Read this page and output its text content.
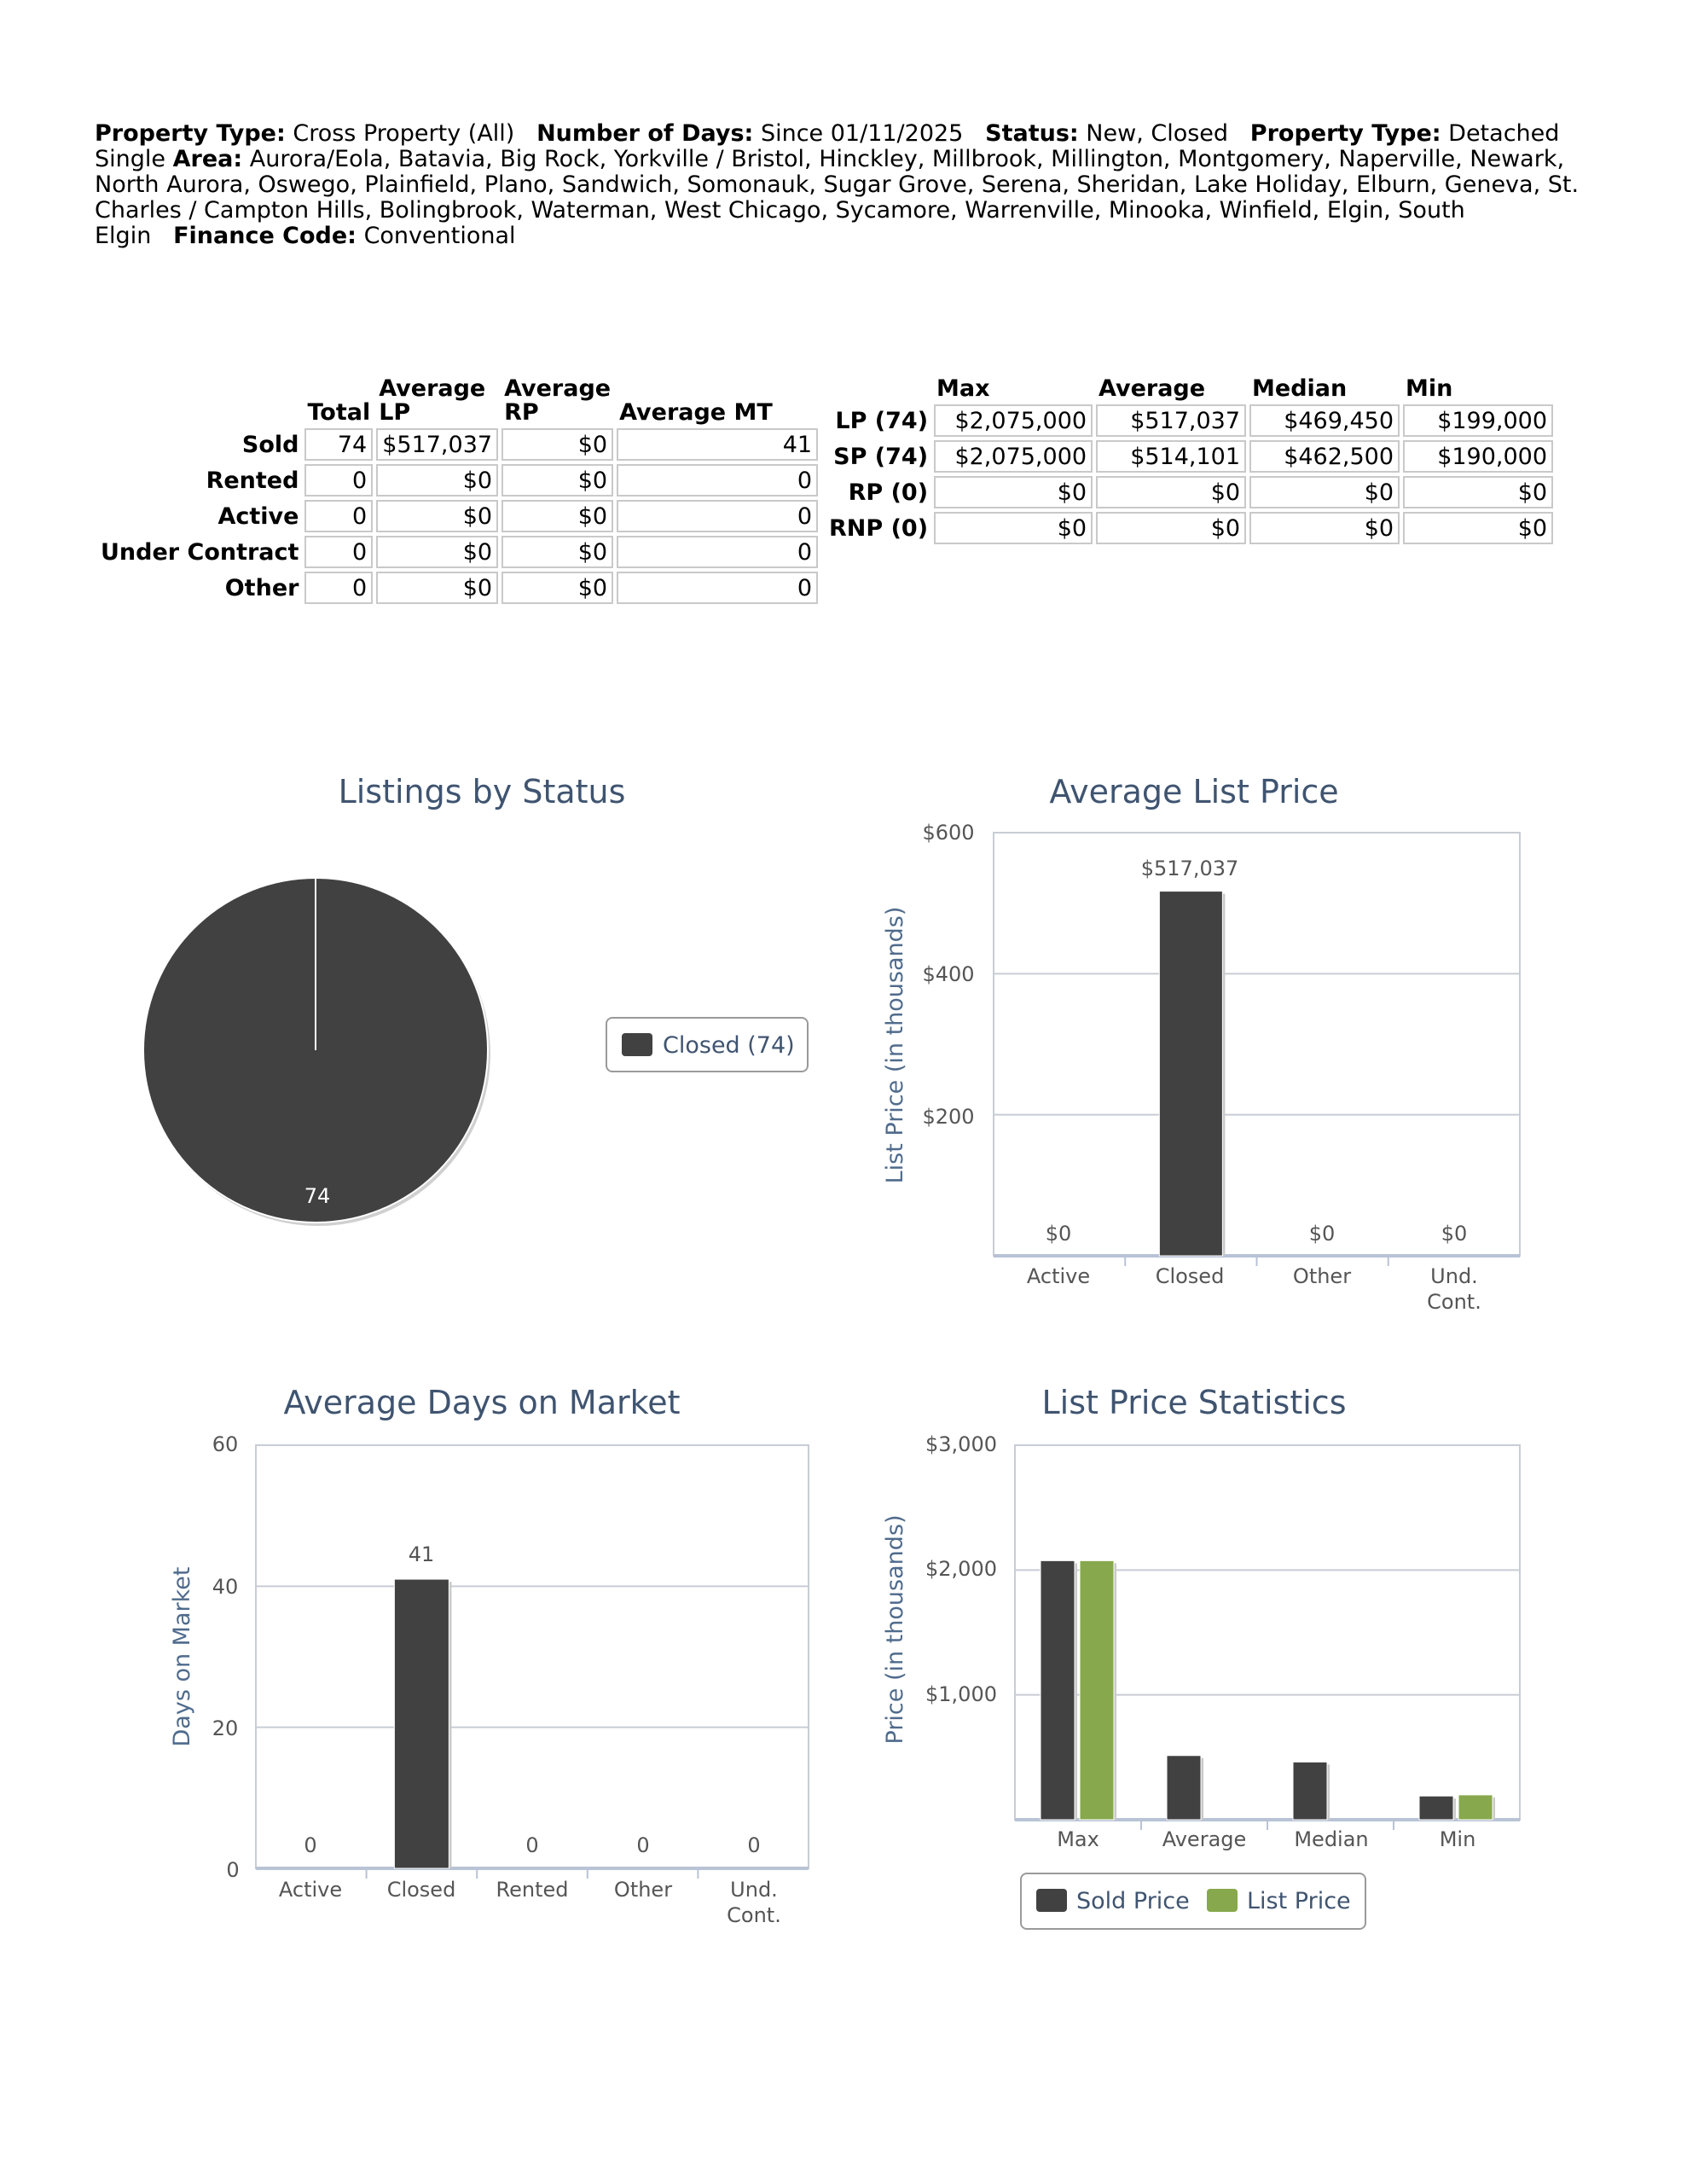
Property Type: Cross Property (All) Number of Days: Since 01/11/2025 Status: New, Closed Property Type: Detached Single Area: Aurora/Eola, Batavia, Big Rock, Yorkville / Bristol, Hinckley, Millbrook, Millington, Montgomery, Naperville, Newark, North Aurora, Oswego, Plainfield, Plano, Sandwich, Somonauk, Sugar Grove, Serena, Sheridan, Lake Holiday, Elburn, Geneva, St. Charles / Campton Hills, Bolingbrook, Waterman, West Chicago, Sycamore, Warrenville, Minooka, Winfield, Elgin, South Elgin Finance Code: Conventional
	Total	Average LP	Average RP	Average MT
Sold	74	$517,037	$0	41
Rented	0	$0	$0	0
Active	0	$0	$0	0
Under Contract	0	$0	$0	0
Other	0	$0	$0	0
	Max	Average	Median	Min
LP (74)	$2,075,000	$517,037	$469,450	$199,000
SP (74)	$2,075,000	$514,101	$462,500	$190,000
RP (0)	$0	$0	$0	$0
RNP (0)	$0	$0	$0	$0
Listings by Status
74
Closed (74)
Average List Price
List Price (in thousands)
$600
$400
$200
$0
$517,037
$0	$0
Active	Closed	Other	Und. Cont.
Average Days on Market
Days on Market
60
40
20
0
0
41
0	0	0
Active Closed Rented Other	Und. Cont.
List Price Statistics
Price (in thousands)
$3,000
$2,000
$1,000
Max	Average Median	Min
Sold Price List Price
